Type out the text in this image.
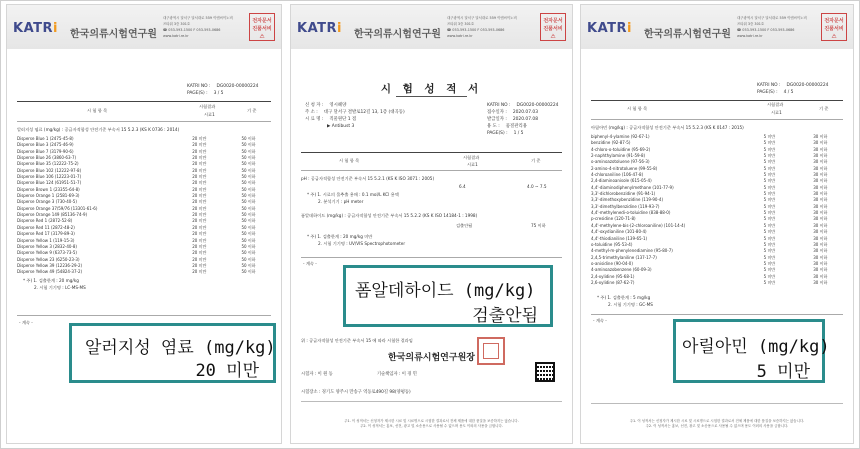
KATRi 한국의류시험연구원
대구광역시 달서구 달서대로 559 이앤씨이노비즈타워 3층 301호
☎ 053-593-1500 F 053-593-0686 www.katri.re.kr
전자문서 진품서비스
KATRI NO : DG0020-00000224
PAGE(S) : 3 / 5
시 험 항 목
시험결과
시료1
기 준
알러지성 염료 (mg/kg) : 공급자적합성 안전기준 부속서 15 5.2.3 (KS K 0736 : 2014)
Disperse Blue 1 (2475-45-8)	20 미만	50 이하
Disperse Blue 3 (2475-46-9)	20 미만	50 이하
Disperse Blue 7 (3179-90-6)	20 미만	50 이하
Disperse Blue 26 (3860-63-7)	20 미만	50 이하
Disperse Blue 35 (12222-75-2)	20 미만	50 이하
Disperse Blue 102 (12222-97-8)	20 미만	50 이하
Disperse Blue 106 (12223-01-7)	20 미만	50 이하
Disperse Blue 124 (61951-51-7)	20 미만	50 이하
Disperse Brown 1 (23355-64-8)	20 미만	50 이하
Disperse Orange 1 (2581-69-3)	20 미만	50 이하
Disperse Orange 3 (730-40-5)	20 미만	50 이하
Disperse Orange 37/59/76 (13301-61-6)	20 미만	50 이하
Disperse Orange 149 (85136-74-9)	20 미만	50 이하
Disperse Red 1 (2872-52-8)	20 미만	50 이하
Disperse Red 11 (2872-48-2)	20 미만	50 이하
Disperse Red 17 (3179-89-3)	20 미만	50 이하
Disperse Yellow 1 (119-15-3)	20 미만	50 이하
Disperse Yellow 3 (2832-40-8)	20 미만	50 이하
Disperse Yellow 9 (6373-73-5)	20 미만	50 이하
Disperse Yellow 23 (6250-23-3)	20 미만	50 이하
Disperse Yellow 39 (12236-29-2)	20 미만	50 이하
Disperse Yellow 49 (54824-37-2)	20 미만	50 이하
* 주) 1. 검출한계 : 20 mg/kg
2. 시험 기기명 : LC-MS-MS
- 계속 -
알러지성 염료 (mg/kg)
20 미만
KATRi 한국의류시험연구원
대구광역시 달서구 달서대로 559 이앤씨이노비즈타워 3층 301호
☎ 053-593-1500 F 053-593-0686 www.katri.re.kr
전자문서 진품서비스
시 험 성 적 서
신 청 자 : 영시헤양
주 소 : 대구 달서구 결발로12길 13, 1층 (대곡동)
시 료 명 : 직물원단 1 점
▶ Antibust 3
KATRI NO : DG0020-00000224
접수일자 : 2020.07.03
발급일자 : 2020.07.08
용 도 : 품질관리용
PAGE(S) : 1 / 5
시 험 항 목
시험결과
시료1
기 준
pH : 공급자적합성 안전기준 부속서 15 5.2.1 (KS K ISO 3071 : 2005)
6.4	4.0 ~ 7.5
* 주) 1. 시료의 물추출 용매 : 0.1 mol/L KCl 용액
2. 분석기기 : pH meter
폼알데하이드 (mg/kg) : 공급자적합성 안전기준 부속서 15 5.2.2 (KS K ISO 14184-1 : 1998)
검출안됨	75 이하
* 주) 1. 검출한계 : 20 mg/kg 미만
2. 시험 기기명 : UV/VIS Spectrophotometer
- 계속 -
폼알데하이드 (mg/kg)
검출안됨
위 : 공급자적합성 안전기준 부속서 15 에 따라 시험한 결과임
한국의류시험연구원장
시험자 : 이 원 동	기술책임자 : 이 경 민
시험장소 : 경기도 양주시 만송구 역동로490길 98(양평동)
주1. 이 성적서는 신청자가 제시한 시료 및 시료명으로 시험한 결과로서 전체 제품에 대한 품질을 보증하지는 않습니다.
주2. 이 성적서는 홍보, 선전, 광고 및 소송용으로 사용될 수 없으며 용도 이외의 사용을 금합니다.
KATRi 한국의류시험연구원
대구광역시 달서구 달서대로 559 이앤씨이노비즈타워 3층 301호
☎ 053-593-1500 F 053-593-0686 www.katri.re.kr
전자문서 진품서비스
KATRI NO : DG0020-00000224
PAGE(S) : 4 / 5
시 험 항 목
시험결과
시료1
기 준
아릴아민 (mg/kg) : 공급자적합성 안전기준 부속서 15 5.2.3 (KS K 0147 : 2015)
biphenyl-4-ylamine (92-67-1)	5 미만	30 이하
benzidine (92-87-5)	5 미만	30 이하
4-chloro-o-toluidine (95-69-2)	5 미만	30 이하
2-naphthylamine (91-59-8)	5 미만	30 이하
o-aminoazotoluene (97-56-3)	5 미만	30 이하
2-amino-4-nitrotoluene (99-55-8)	5 미만	30 이하
4-chloroaniline (106-47-8)	5 미만	30 이하
2,4-diaminoanisole (615-05-4)	5 미만	30 이하
4,4'-diaminodiphenylmethane (101-77-9)	5 미만	30 이하
3,3'-dichlorobenzidine (91-94-1)	5 미만	30 이하
3,3'-dimethoxybenzidine (119-90-4)	5 미만	30 이하
3,3'-dimethylbenzidine (119-93-7)	5 미만	30 이하
4,4'-methylenedi-o-toluidine (838-88-0)	5 미만	30 이하
p-cresidine (120-71-8)	5 미만	30 이하
4,4'-methylene-bis-(2-chloroaniline) (101-14-4)	5 미만	30 이하
4,4'-oxydianiline (101-80-4)	5 미만	30 이하
4,4'-thiodianiline (139-65-1)	5 미만	30 이하
o-toluidine (95-53-4)	5 미만	30 이하
4-methyl-m-phenylenediamine (95-80-7)	5 미만	30 이하
2,4,5-trimethylaniline (137-17-7)	5 미만	30 이하
o-anisidine (90-04-0)	5 미만	30 이하
4-aminoazobenzene (60-09-3)	5 미만	30 이하
2,4-xylidine (95-68-1)	5 미만	30 이하
2,6-xylidine (87-62-7)	5 미만	30 이하
* 주) 1. 검출한계 : 5 mg/kg
2. 시험 기기명 : GC-MS
- 계속 -
아릴아민 (mg/kg)
5 미만
주1. 이 성적서는 신청자가 제시한 시료 및 시료명으로 시험한 결과로서 전체 제품에 대한 품질을 보증하지는 않습니다.
주2. 이 성적서는 홍보, 선전, 광고 및 소송용으로 사용될 수 없으며 용도 이외의 사용을 금합니다.
